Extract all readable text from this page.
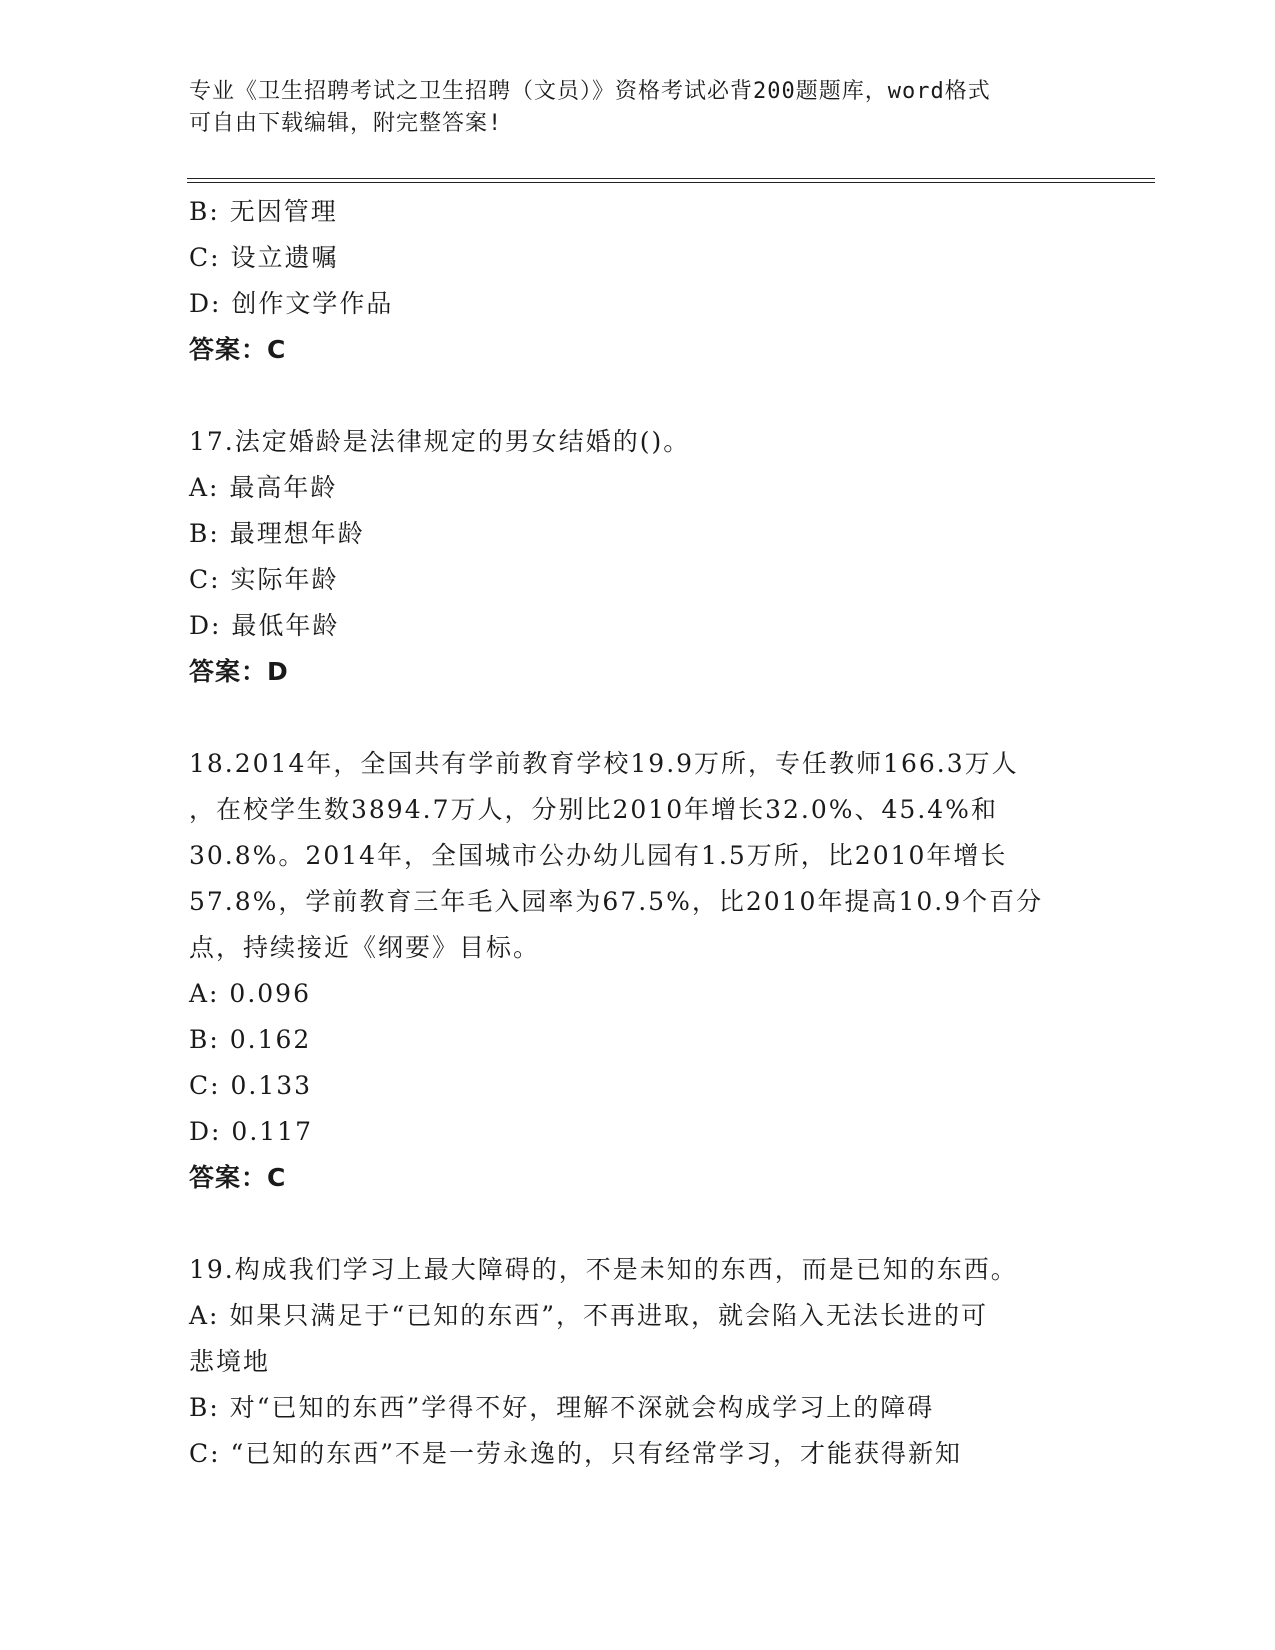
专业《卫生招聘考试之卫生招聘（文员）》资格考试必背200题题库，word格式
可自由下载编辑，附完整答案!
B: 无因管理
C: 设立遗嘱
D: 创作文学作品
答案：C
17.法定婚龄是法律规定的男女结婚的()。
A: 最高年龄
B: 最理想年龄
C: 实际年龄
D: 最低年龄
答案：D
18.2014年，全国共有学前教育学校19.9万所，专任教师166.3万人
，在校学生数3894.7万人，分别比2010年增长32.0%、45.4%和
30.8%。2014年，全国城市公办幼儿园有1.5万所，比2010年增长
57.8%，学前教育三年毛入园率为67.5%，比2010年提高10.9个百分
点，持续接近《纲要》目标。
A: 0.096
B: 0.162
C: 0.133
D: 0.117
答案：C
19.构成我们学习上最大障碍的，不是未知的东西，而是已知的东西。
A: 如果只满足于“已知的东西”，不再进取，就会陷入无法长进的可
悲境地
B: 对“已知的东西”学得不好，理解不深就会构成学习上的障碍
C: “已知的东西”不是一劳永逸的，只有经常学习，才能获得新知
